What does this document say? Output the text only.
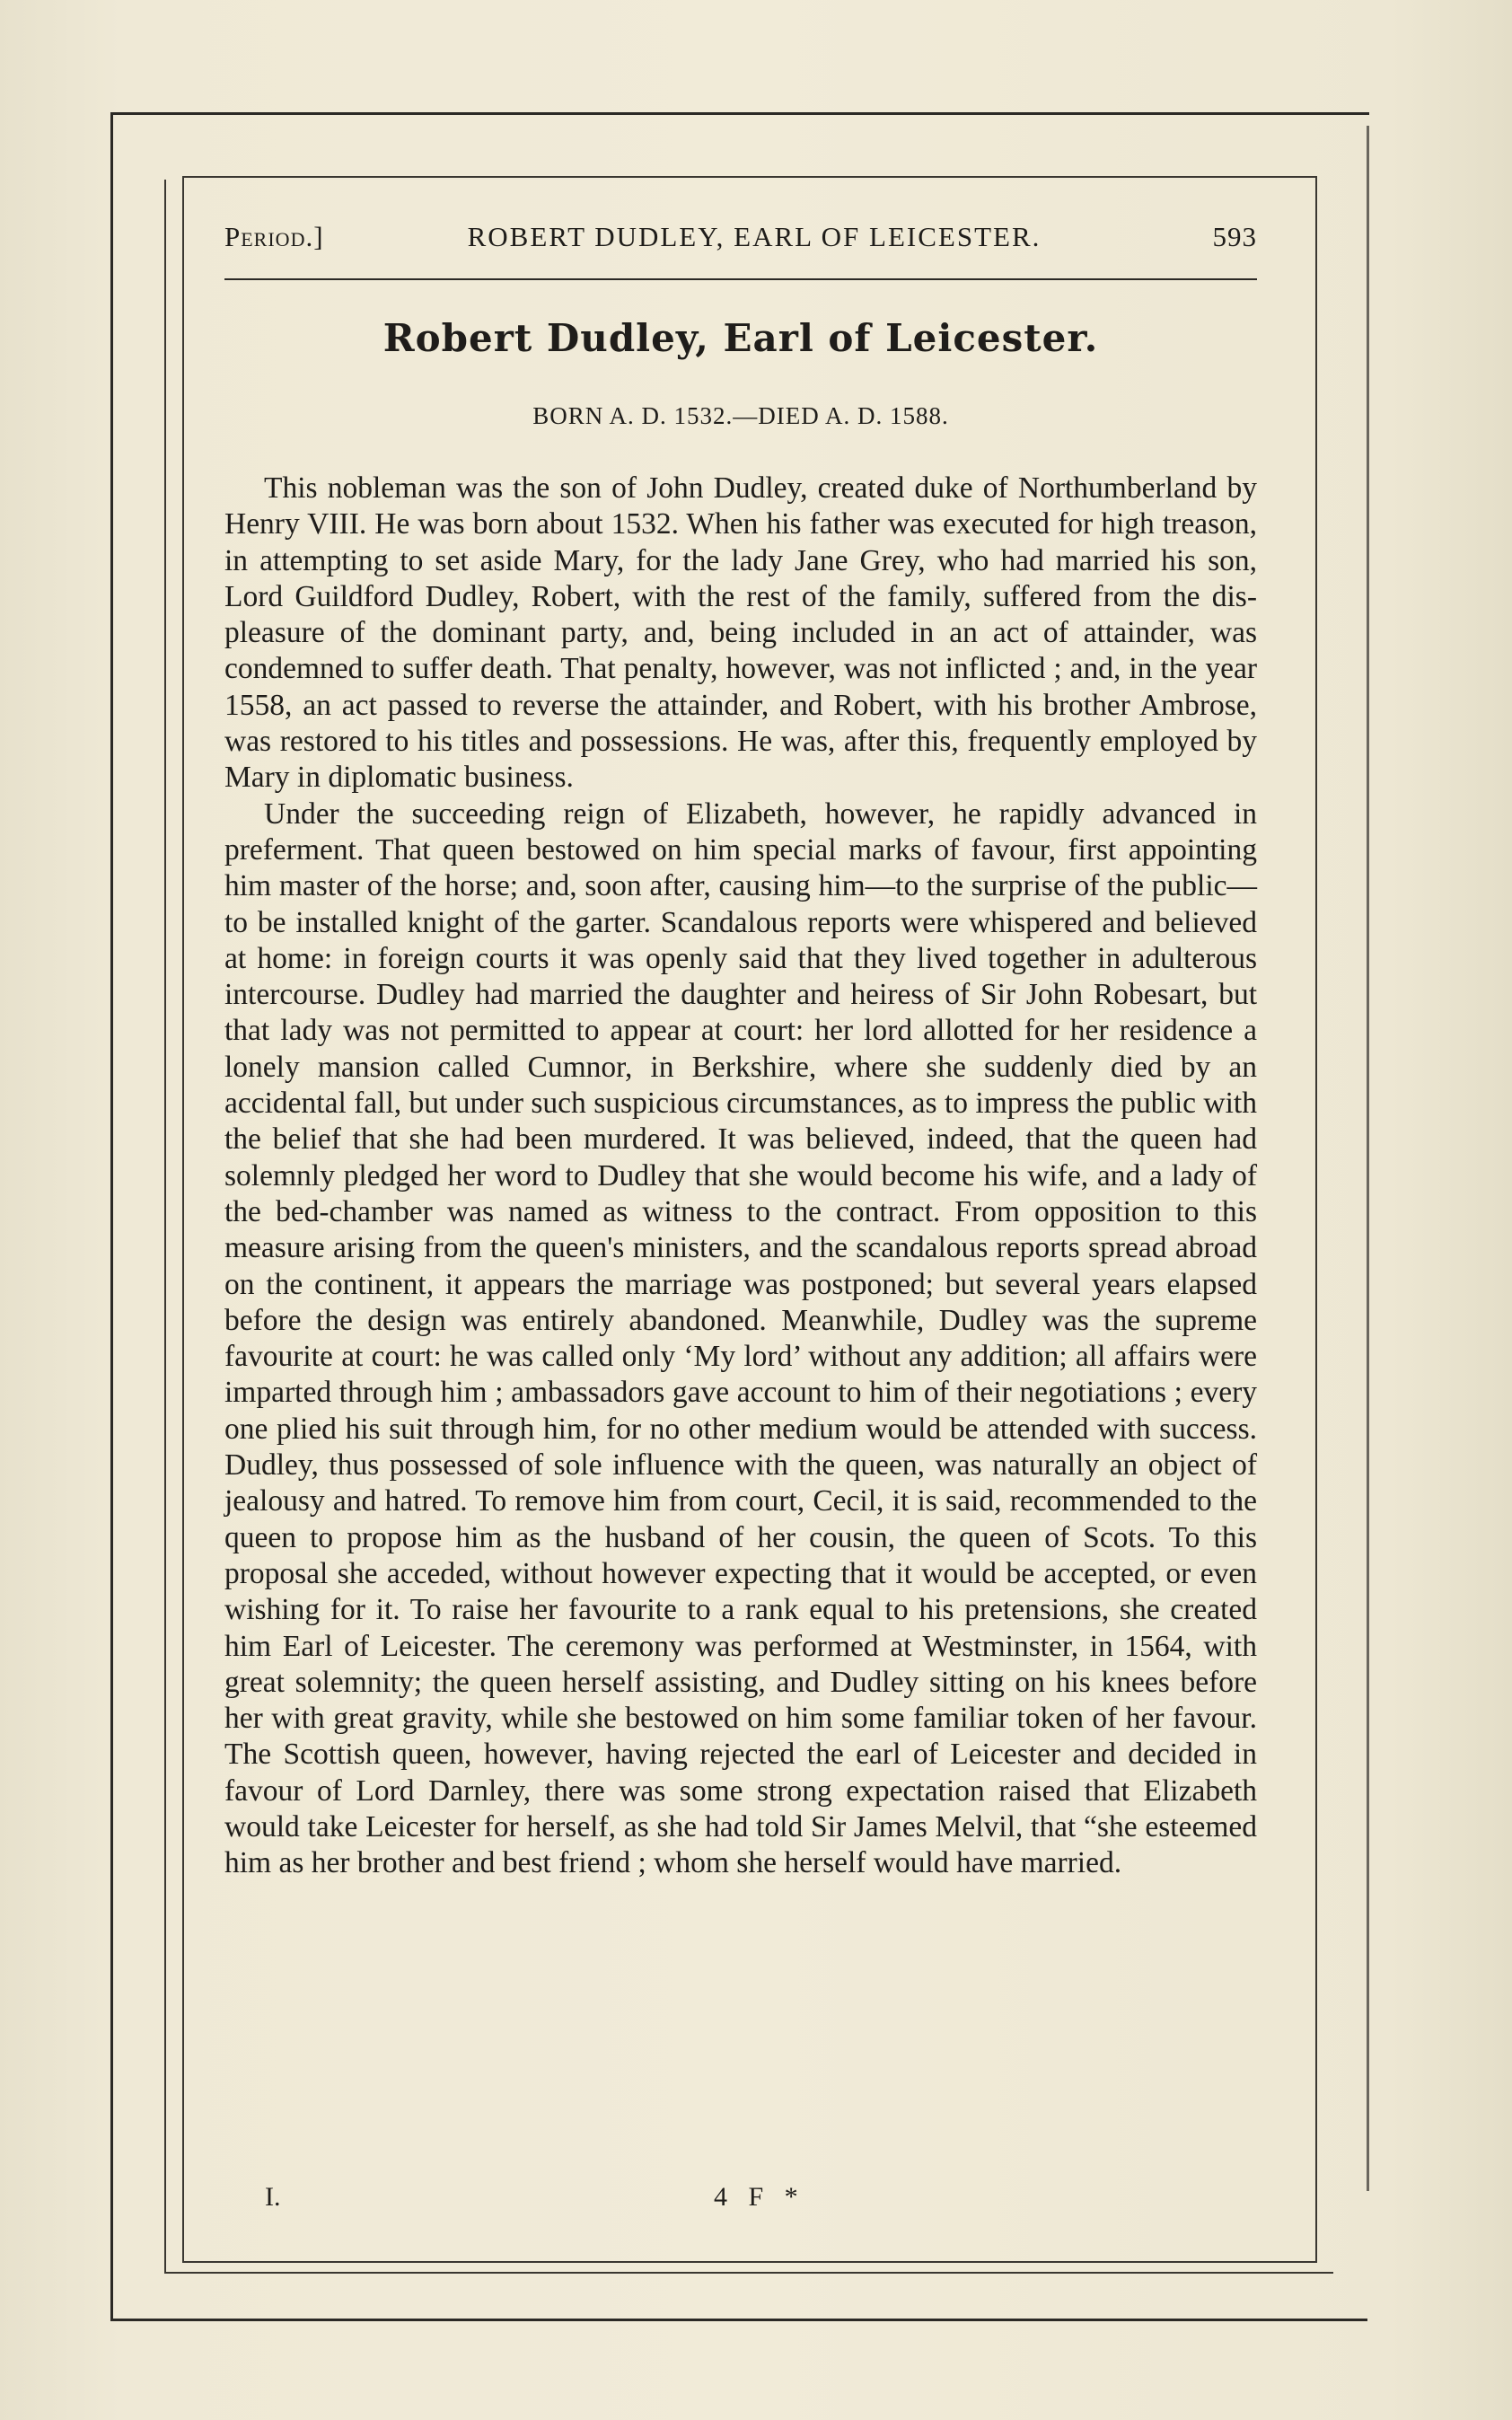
Period.]	ROBERT DUDLEY, EARL OF LEICESTER.	593
Robert Dudley, Earl of Leicester.
BORN A. D. 1532.—DIED A. D. 1588.

This nobleman was the son of John Dudley, created duke of Northumberland by Henry VIII. He was born about 1532. When his father was executed for high treason, in attempting to set aside Mary, for the lady Jane Grey, who had married his son, Lord Guildford Dudley, Robert, with the rest of the family, suffered from the displeasure of the dominant party, and, being included in an act of attainder, was condemned to suffer death. That penalty, however, was not inflicted ; and, in the year 1558, an act passed to reverse the attainder, and Robert, with his brother Ambrose, was restored to his titles and possessions. He was, after this, frequently employed by Mary in diplomatic business.

Under the succeeding reign of Elizabeth, however, he rapidly advanced in preferment. That queen bestowed on him special marks of favour, first appointing him master of the horse; and, soon after, causing him—to the surprise of the public—to be installed knight of the garter. Scandalous reports were whispered and believed at home: in foreign courts it was openly said that they lived together in adulterous intercourse. Dudley had married the daughter and heiress of Sir John Robesart, but that lady was not permitted to appear at court: her lord allotted for her residence a lonely mansion called Cumnor, in Berkshire, where she suddenly died by an accidental fall, but under such suspicious circumstances, as to impress the public with the belief that she had been murdered. It was believed, indeed, that the queen had solemnly pledged her word to Dudley that she would become his wife, and a lady of the bed-chamber was named as witness to the contract. From opposition to this measure arising from the queen's ministers, and the scandalous reports spread abroad on the continent, it appears the marriage was postponed; but several years elapsed before the design was entirely abandoned. Meanwhile, Dudley was the supreme favourite at court: he was called only ‘My lord’ without any addition; all affairs were imparted through him ; ambassadors gave account to him of their negotiations ; every one plied his suit through him, for no other medium would be attended with success. Dudley, thus possessed of sole influence with the queen, was naturally an object of jealousy and hatred. To remove him from court, Cecil, it is said, recommended to the queen to propose him as the husband of her cousin, the queen of Scots. To this proposal she acceded, without however expecting that it would be accepted, or even wishing for it. To raise her favourite to a rank equal to his pretensions, she created him Earl of Leicester. The ceremony was performed at Westminster, in 1564, with great solemnity; the queen herself assisting, and Dudley sitting on his knees before her with great gravity, while she bestowed on him some familiar token of her favour. The Scottish queen, however, having rejected the earl of Leicester and decided in favour of Lord Darnley, there was some strong expectation raised that Elizabeth would take Leicester for herself, as she had told Sir James Melvil, that “she esteemed him as her brother and best friend ; whom she herself would have married.

I.	4 F *
